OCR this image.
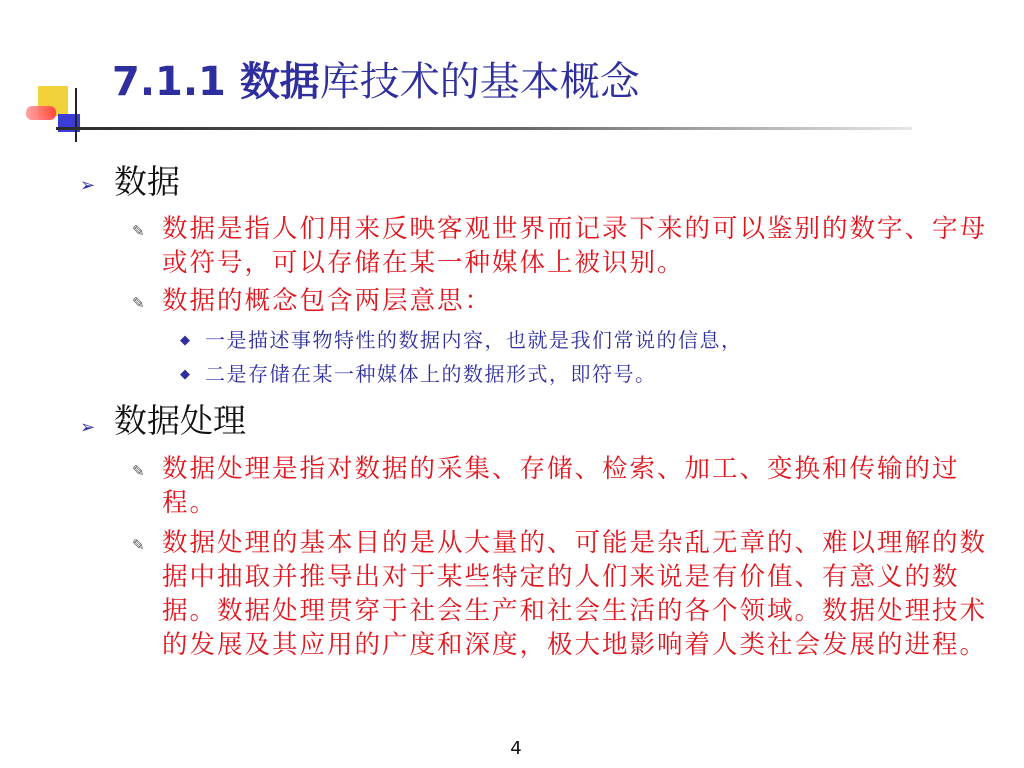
7.1.1 数据库技术的基本概念
➢ 数据
✎ 数据是指人们用来反映客观世界而记录下来的可以鉴别的数字、字母或符号，可以存储在某一种媒体上被识别。
✎ 数据的概念包含两层意思：
◆ 一是描述事物特性的数据内容，也就是我们常说的信息，
◆ 二是存储在某一种媒体上的数据形式，即符号。
➢ 数据处理
✎ 数据处理是指对数据的采集、存储、检索、加工、变换和传输的过程。
✎ 数据处理的基本目的是从大量的、可能是杂乱无章的、难以理解的数据中抽取并推导出对于某些特定的人们来说是有价值、有意义的数据。数据处理贯穿于社会生产和社会生活的各个领域。数据处理技术的发展及其应用的广度和深度，极大地影响着人类社会发展的进程。
4
